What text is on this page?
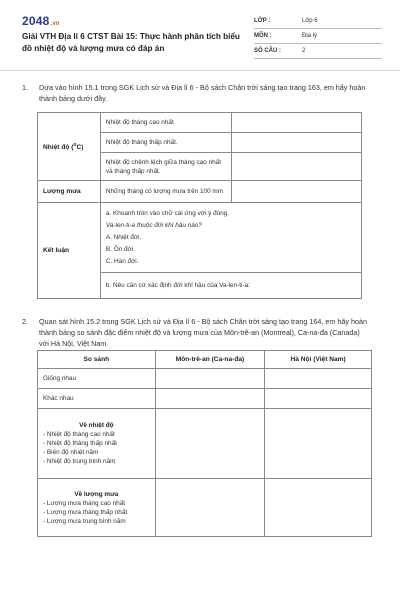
2048.vn
Giải VTH Địa lí 6 CTST Bài 15: Thực hành phân tích biểu đồ nhiệt độ và lượng mưa có đáp án
LỚP :	Lớp 6
MÔN :	Địa lý
SỐ CÂU :	2
1. Dựa vào hình 15.1 trong SGK Lịch sử và Địa lí 6 - Bộ sách Chân trời sáng tạo trang 163, em hãy hoàn thành bảng dưới đây.
Nhiệt độ ($^o$C)	Nhiệt độ tháng cao nhất	
	Nhiệt độ tháng thấp nhất.	
	Nhiệt độ chênh lệch giữa tháng cao nhất và tháng thấp nhất.	
Lượng mưa	Những tháng có lượng mưa trên 100 mm	
Kết luận	a. Khoanh tròn vào chữ cái ứng với ý đúng.
Va-len-ti-a thuộc đới khí hậu nào?
A. Nhiệt đới.
B. Ôn đới.
C. Hàn đới.	

	b. Nêu căn cứ xác định đới khí hậu của Va-len-ti-a:	
2. Quan sát hình 15.2 trong SGK Lịch sử và Địa lí 6 - Bộ sách Chân trời sáng tạo trang 164, em hãy hoàn thành bảng so sánh đặc điểm nhiệt độ và lượng mưa của Môn-trê-an (Montreal), Ca-na-đa (Canada) với Hà Nội, Việt Nam.
So sánh	Môn-trê-an (Ca-na-đa)	Hà Nội (Việt Nam)
Giống nhau		
Khác nhau		

Về nhiệt độ
- Nhiệt độ tháng cao nhất
- Nhiệt độ tháng thấp nhất
- Biên độ nhiệt năm
- Nhiệt độ trung bình năm		

Về lượng mưa
- Lượng mưa tháng cao nhất
- Lượng mưa tháng thấp nhất
- Lượng mưa trung bình năm		
